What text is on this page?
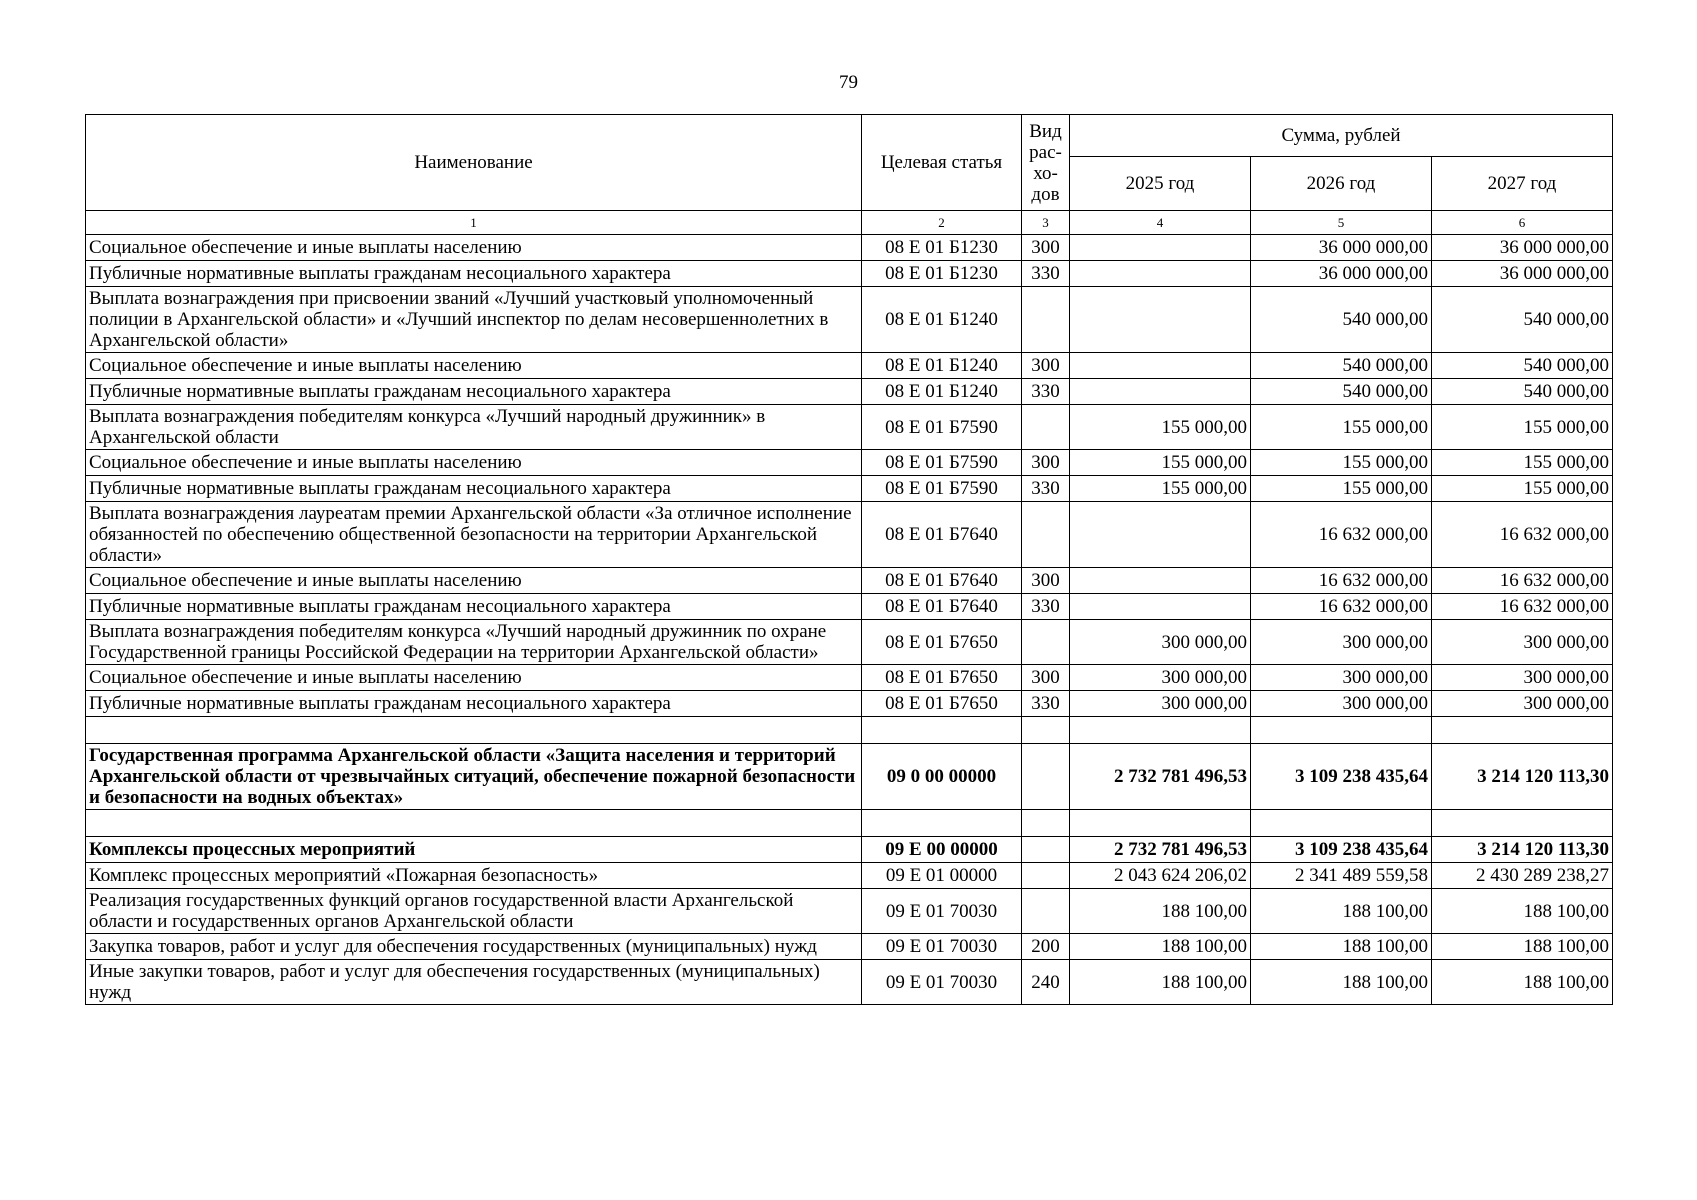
79
Наименование	Целевая статья	Вид рас-хо-дов	Сумма, рублей		
			2025 год	2026 год	2027 год
1	2	3	4	5	6
Социальное обеспечение и иные выплаты населению	08 Е 01 Б1230	300		36 000 000,00	36 000 000,00
Публичные нормативные выплаты гражданам несоциального характера	08 Е 01 Б1230	330		36 000 000,00	36 000 000,00
Выплата вознаграждения при присвоении званий «Лучший участковый уполномоченный полиции в Архангельской области» и «Лучший инспектор по делам несовершеннолетних в Архангельской области»	08 Е 01 Б1240			540 000,00	540 000,00
Социальное обеспечение и иные выплаты населению	08 Е 01 Б1240	300		540 000,00	540 000,00
Публичные нормативные выплаты гражданам несоциального характера	08 Е 01 Б1240	330		540 000,00	540 000,00
Выплата вознаграждения победителям конкурса «Лучший народный дружинник» в Архангельской области	08 Е 01 Б7590		155 000,00	155 000,00	155 000,00
Социальное обеспечение и иные выплаты населению	08 Е 01 Б7590	300	155 000,00	155 000,00	155 000,00
Публичные нормативные выплаты гражданам несоциального характера	08 Е 01 Б7590	330	155 000,00	155 000,00	155 000,00
Выплата вознаграждения лауреатам премии Архангельской области «За отличное исполнение обязанностей по обеспечению общественной безопасности на территории Архангельской области»	08 Е 01 Б7640			16 632 000,00	16 632 000,00
Социальное обеспечение и иные выплаты населению	08 Е 01 Б7640	300		16 632 000,00	16 632 000,00
Публичные нормативные выплаты гражданам несоциального характера	08 Е 01 Б7640	330		16 632 000,00	16 632 000,00
Выплата вознаграждения победителям конкурса «Лучший народный дружинник по охране Государственной границы Российской Федерации на территории Архангельской области»	08 Е 01 Б7650		300 000,00	300 000,00	300 000,00
Социальное обеспечение и иные выплаты населению	08 Е 01 Б7650	300	300 000,00	300 000,00	300 000,00
Публичные нормативные выплаты гражданам несоциального характера	08 Е 01 Б7650	330	300 000,00	300 000,00	300 000,00

Государственная программа Архангельской области «Защита населения и территорий Архангельской области от чрезвычайных ситуаций, обеспечение пожарной безопасности и безопасности на водных объектах»	09 0 00 00000		2 732 781 496,53	3 109 238 435,64	3 214 120 113,30

Комплексы процессных мероприятий	09 Е 00 00000		2 732 781 496,53	3 109 238 435,64	3 214 120 113,30
Комплекс процессных мероприятий «Пожарная безопасность»	09 Е 01 00000		2 043 624 206,02	2 341 489 559,58	2 430 289 238,27
Реализация государственных функций органов государственной власти Архангельской области и государственных органов Архангельской области	09 Е 01 70030		188 100,00	188 100,00	188 100,00
Закупка товаров, работ и услуг для обеспечения государственных (муниципальных) нужд	09 Е 01 70030	200	188 100,00	188 100,00	188 100,00
Иные закупки товаров, работ и услуг для обеспечения государственных (муниципальных) нужд	09 Е 01 70030	240	188 100,00	188 100,00	188 100,00
